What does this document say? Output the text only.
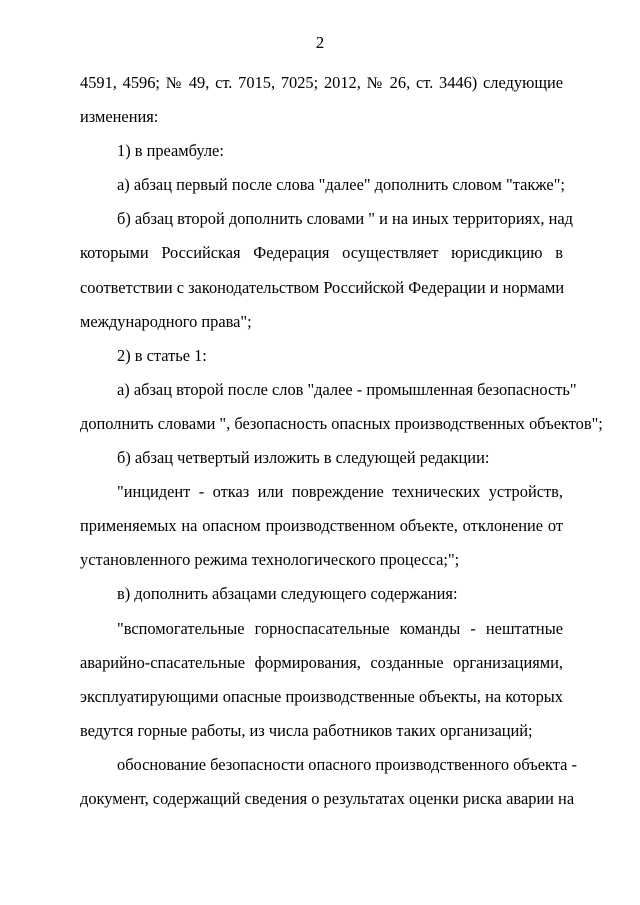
2
4591, 4596; № 49, ст. 7015, 7025; 2012, № 26, ст. 3446) следующие
изменения:
1) в преамбуле:
а) абзац первый после слова "далее" дополнить словом "также";
б) абзац второй дополнить словами " и на иных территориях, над
которыми Российская Федерация осуществляет юрисдикцию в
соответствии с законодательством Российской Федерации и нормами
международного права";
2) в статье 1:
а) абзац второй после слов "далее - промышленная безопасность"
дополнить словами ", безопасность опасных производственных объектов";
б) абзац четвертый изложить в следующей редакции:
"инцидент - отказ или повреждение технических устройств,
применяемых на опасном производственном объекте, отклонение от
установленного режима технологического процесса;";
в) дополнить абзацами следующего содержания:
"вспомогательные горноспасательные команды - нештатные
аварийно-спасательные формирования, созданные организациями,
эксплуатирующими опасные производственные объекты, на которых
ведутся горные работы, из числа работников таких организаций;
обоснование безопасности опасного производственного объекта -
документ, содержащий сведения о результатах оценки риска аварии на
